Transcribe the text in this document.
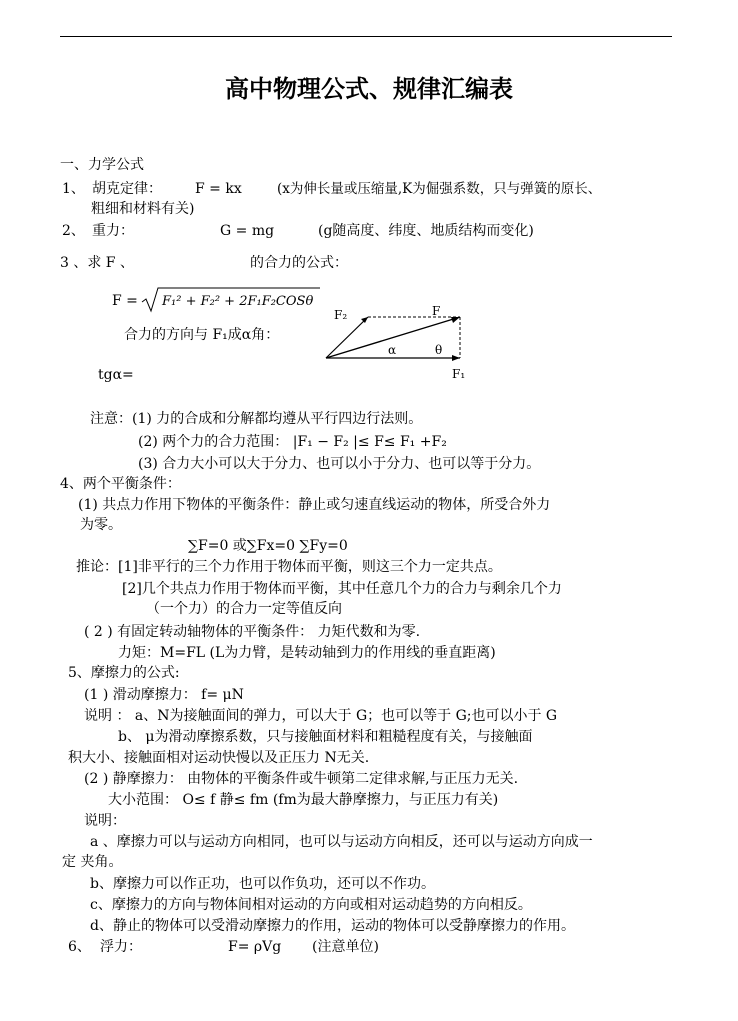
高中物理公式、规律汇编表
一、力学公式
1、 胡克定律： F = kx	(x为伸长量或压缩量,K为倔强系数，只与弹簧的原长、
粗细和材料有关)
2、 重力：	G = mg	(g随高度、纬度、地质结构而变化)
3 、求 F 、	的合力的公式：
F = F₁² + F₂² + 2F₁F₂COSθ
合力的方向与 F₁成α角：
tgα=
F₂	F
α	θ
F₁
注意：(1) 力的合成和分解都均遵从平行四边行法则。
(2) 两个力的合力范围： |F₁ − F₂ |≤ F≤ F₁ +F₂
(3) 合力大小可以大于分力、也可以小于分力、也可以等于分力。
4、两个平衡条件：
(1) 共点力作用下物体的平衡条件：静止或匀速直线运动的物体，所受合外力
为零。
∑F=0 或∑Fx=0 ∑Fy=0
推论：[1]非平行的三个力作用于物体而平衡，则这三个力一定共点。
[2]几个共点力作用于物体而平衡，其中任意几个力的合力与剩余几个力
（一个力）的合力一定等值反向
( 2 ) 有固定转动轴物体的平衡条件： 力矩代数和为零.
力矩：M=FL (L为力臂，是转动轴到力的作用线的垂直距离)
5、摩擦力的公式:
(1 ) 滑动摩擦力： f= μN
说明 ： a、N为接触面间的弹力，可以大于 G；也可以等于 G;也可以小于 G
b、 μ为滑动摩擦系数，只与接触面材料和粗糙程度有关，与接触面
积大小、接触面相对运动快慢以及正压力 N无关.
(2 ) 静摩擦力： 由物体的平衡条件或牛顿第二定律求解,与正压力无关.
大小范围： O≤ f 静≤ fm (fm为最大静摩擦力，与正压力有关)
说明：
a 、摩擦力可以与运动方向相同，也可以与运动方向相反，还可以与运动方向成一
定 夹角。
b、摩擦力可以作正功，也可以作负功，还可以不作功。
c、摩擦力的方向与物体间相对运动的方向或相对运动趋势的方向相反。
d、静止的物体可以受滑动摩擦力的作用，运动的物体可以受静摩擦力的作用。
6、 浮力：	F= ρVg (注意单位)
